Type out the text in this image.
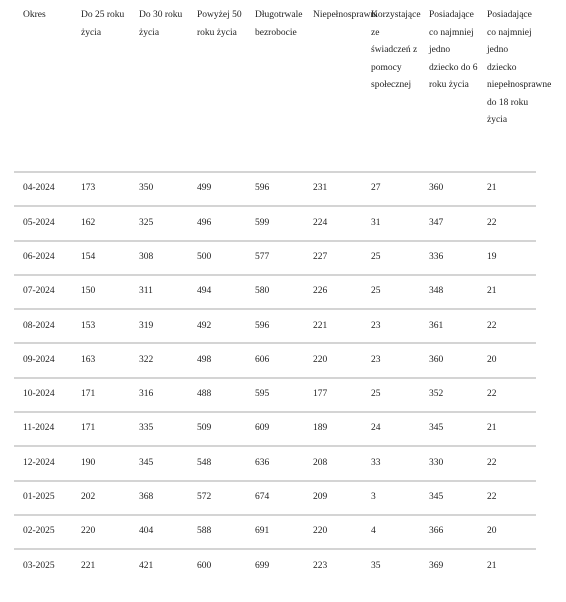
Okres	Do 25 roku życia	Do 30 roku życia	Powyżej 50 roku życia	Długotrwale bezrobocie	Niepełnosprawni	Korzystające ze świadczeń z pomocy społecznej	Posiadające co najmniej jedno dziecko do 6 roku życia	Posiadające co najmniej jedno dziecko niepełnosprawne do 18 roku życia

04-2024	173	350	499	596	231	27	360	21
05-2024	162	325	496	599	224	31	347	22
06-2024	154	308	500	577	227	25	336	19
07-2024	150	311	494	580	226	25	348	21
08-2024	153	319	492	596	221	23	361	22
09-2024	163	322	498	606	220	23	360	20
10-2024	171	316	488	595	177	25	352	22
11-2024	171	335	509	609	189	24	345	21
12-2024	190	345	548	636	208	33	330	22
01-2025	202	368	572	674	209	3	345	22
02-2025	220	404	588	691	220	4	366	20
03-2025	221	421	600	699	223	35	369	21
